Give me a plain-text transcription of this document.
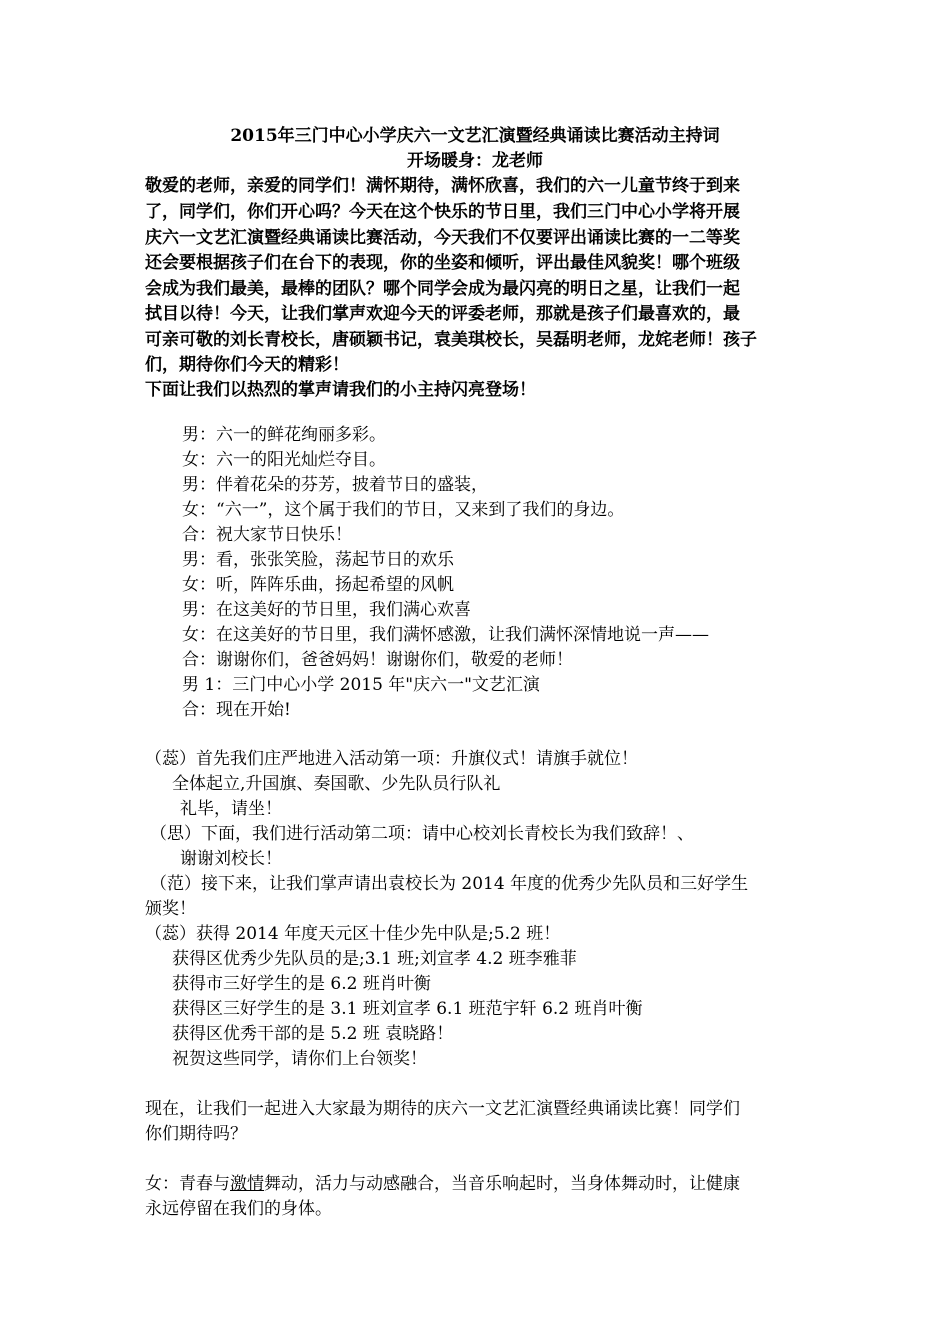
2015年三门中心小学庆六一文艺汇演暨经典诵读比赛活动主持词
开场暖身：龙老师
敬爱的老师，亲爱的同学们！满怀期待，满怀欣喜，我们的六一儿童节终于到来
了，同学们，你们开心吗？今天在这个快乐的节日里，我们三门中心小学将开展
庆六一文艺汇演暨经典诵读比赛活动，今天我们不仅要评出诵读比赛的一二等奖
还会要根据孩子们在台下的表现，你的坐姿和倾听，评出最佳风貌奖！哪个班级
会成为我们最美，最棒的团队？哪个同学会成为最闪亮的明日之星，让我们一起
拭目以待！今天，让我们掌声欢迎今天的评委老师，那就是孩子们最喜欢的，最
可亲可敬的刘长青校长，唐硕颖书记，袁美琪校长，吴磊明老师，龙姹老师！孩子
们，期待你们今天的精彩！
下面让我们以热烈的掌声请我们的小主持闪亮登场！
男：六一的鲜花绚丽多彩。
女：六一的阳光灿烂夺目。
男：伴着花朵的芬芳，披着节日的盛装，
女：“六一”，这个属于我们的节日，又来到了我们的身边。
合：祝大家节日快乐！
男：看，张张笑脸，荡起节日的欢乐
女：听，阵阵乐曲，扬起希望的风帆
男：在这美好的节日里，我们满心欢喜
女：在这美好的节日里，我们满怀感激，让我们满怀深情地说一声——
合：谢谢你们，爸爸妈妈！谢谢你们，敬爱的老师！
男 1：三门中心小学 2015 年"庆六一"文艺汇演
合：现在开始!
（蕊）首先我们庄严地进入活动第一项：升旗仪式！请旗手就位！
全体起立,升国旗、奏国歌、少先队员行队礼
礼毕，请坐！
（思）下面，我们进行活动第二项：请中心校刘长青校长为我们致辞！、
谢谢刘校长！
（范）接下来，让我们掌声请出袁校长为 2014 年度的优秀少先队员和三好学生
颁奖！
（蕊）获得 2014 年度天元区十佳少先中队是;5.2 班！
获得区优秀少先队员的是;3.1 班;刘宣孝 4.2 班李雅菲
获得市三好学生的是 6.2 班肖叶衡
获得区三好学生的是 3.1 班刘宣孝 6.1 班范宇轩 6.2 班肖叶衡
获得区优秀干部的是 5.2 班 袁晓路！
祝贺这些同学，请你们上台领奖！
现在，让我们一起进入大家最为期待的庆六一文艺汇演暨经典诵读比赛！同学们
你们期待吗？
女：青春与激情舞动，活力与动感融合，当音乐响起时，当身体舞动时，让健康
永远停留在我们的身体。
